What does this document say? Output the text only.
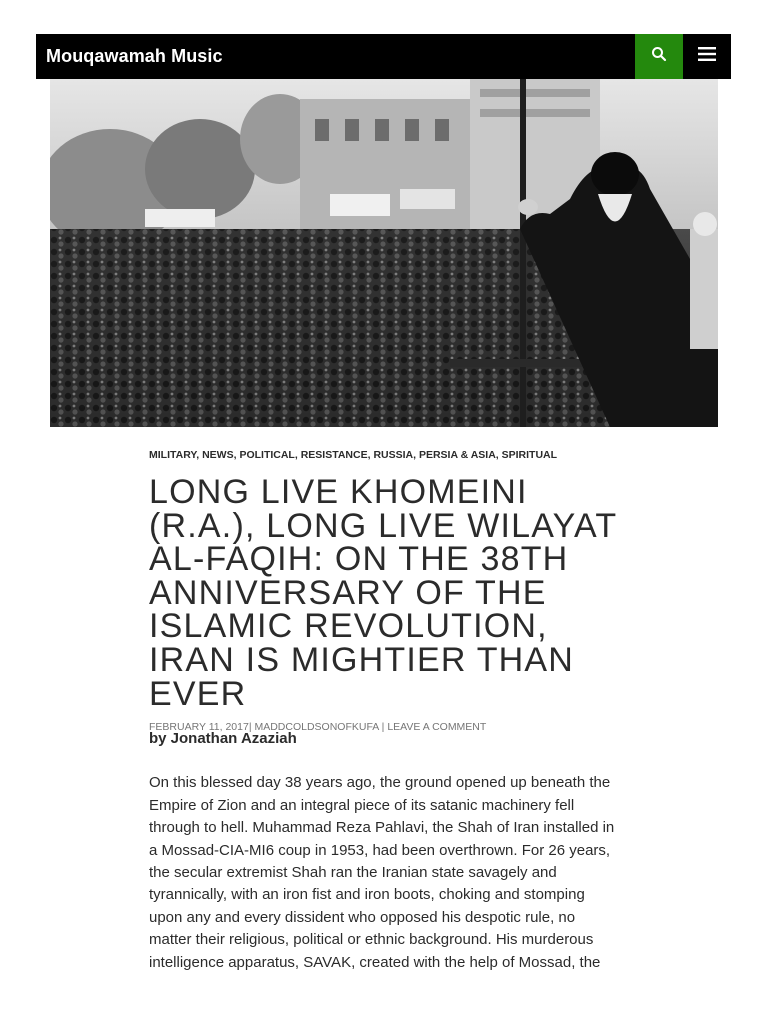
Mouqawamah Music
MILITARY, NEWS, POLITICAL, RESISTANCE, RUSSIA, PERSIA & ASIA, SPIRITUAL
LONG LIVE KHOMEINI (R.A.), LONG LIVE WILAYAT AL-FAQIH: ON THE 38TH ANNIVERSARY OF THE ISLAMIC REVOLUTION, IRAN IS MIGHTIER THAN EVER
FEBRUARY 11, 2017| MADDCOLDSONOFKUFA | LEAVE A COMMENT

by Jonathan Azaziah

On this blessed day 38 years ago, the ground opened up beneath the Empire of Zion and an integral piece of its satanic machinery fell through to hell. Muhammad Reza Pahlavi, the Shah of Iran installed in a Mossad-CIA-MI6 coup in 1953, had been overthrown. For 26 years, the secular extremist Shah ran the Iranian state savagely and tyrannically, with an iron fist and iron boots, choking and stomping upon any and every dissident who opposed his despotic rule, no matter their religious, political or ethnic background. His murderous intelligence apparatus, SAVAK, created with the help of Mossad, the
